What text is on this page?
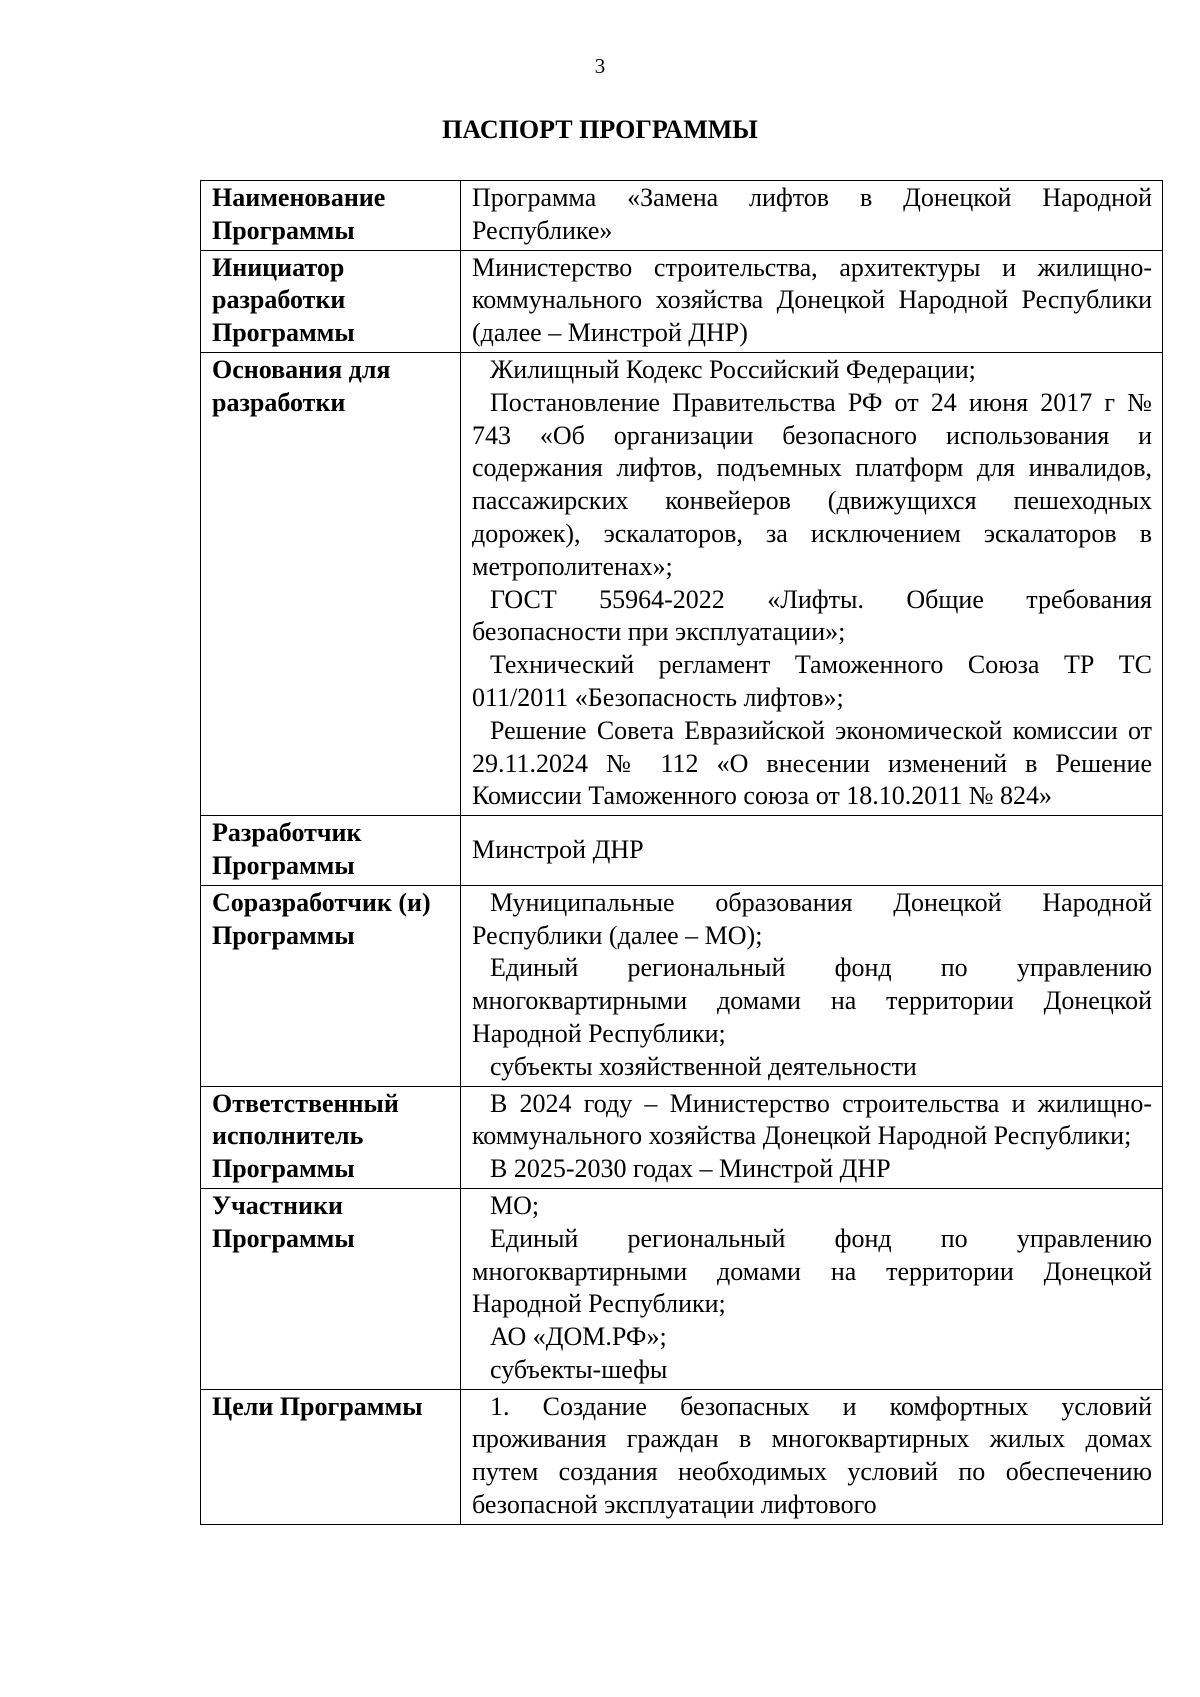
3
ПАСПОРТ ПРОГРАММЫ
Наименование Программы	Программа «Замена лифтов в Донецкой Народной Республике»

Инициатор разработки Программы	Министерство строительства, архитектуры и жилищно-коммунального хозяйства Донецкой Народной Республики (далее – Минстрой ДНР)

Основания для разработки	Жилищный Кодекс Российский Федерации;
Постановление Правительства РФ от 24 июня 2017 г № 743 «Об организации безопасного использования и содержания лифтов, подъемных платформ для инвалидов, пассажирских конвейеров (движущихся пешеходных дорожек), эскалаторов, за исключением эскалаторов в метрополитенах»;
ГОСТ 55964-2022 «Лифты. Общие требования безопасности при эксплуатации»;
Технический регламент Таможенного Союза ТР ТС 011/2011 «Безопасность лифтов»;
Решение Совета Евразийской экономической комиссии от 29.11.2024 № 112 «О внесении изменений в Решение Комиссии Таможенного союза от 18.10.2011 № 824»

Разработчик Программы	Минстрой ДНР

Соразработчик (и) Программы	Муниципальные образования Донецкой Народной Республики (далее – МО);
Единый региональный фонд по управлению многоквартирными домами на территории Донецкой Народной Республики;
субъекты хозяйственной деятельности

Ответственный исполнитель Программы	В 2024 году – Министерство строительства и жилищно-коммунального хозяйства Донецкой Народной Республики;
В 2025-2030 годах – Минстрой ДНР

Участники Программы	МО;
Единый региональный фонд по управлению многоквартирными домами на территории Донецкой Народной Республики;
АО «ДОМ.РФ»;
субъекты-шефы

Цели Программы	1. Создание безопасных и комфортных условий проживания граждан в многоквартирных жилых домах путем создания необходимых условий по обеспечению безопасной эксплуатации лифтового
